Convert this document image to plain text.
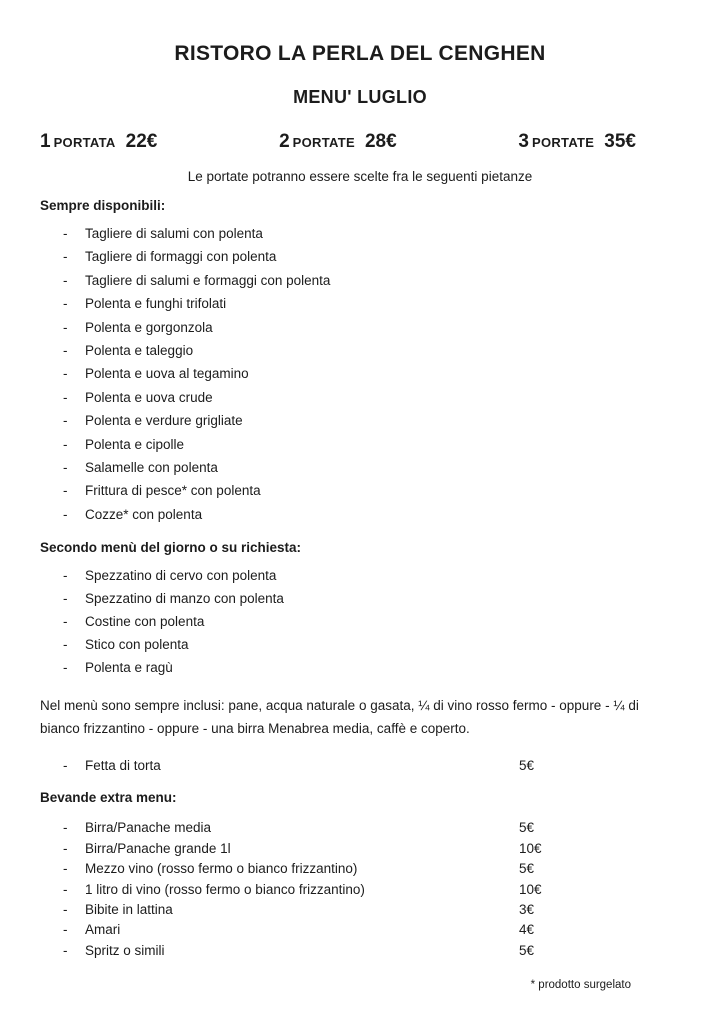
RISTORO LA PERLA DEL CENGHEN
MENU' LUGLIO
1 PORTATA 22€	2 PORTATE 28€	3 PORTATE 35€

Le portate potranno essere scelte fra le seguenti pietanze

Sempre disponibili:

- Tagliere di salumi con polenta
- Tagliere di formaggi con polenta
- Tagliere di salumi e formaggi con polenta
- Polenta e funghi trifolati
- Polenta e gorgonzola
- Polenta e taleggio
- Polenta e uova al tegamino
- Polenta e uova crude
- Polenta e verdure grigliate
- Polenta e cipolle
- Salamelle con polenta
- Frittura di pesce* con polenta
- Cozze* con polenta

Secondo menù del giorno o su richiesta:

- Spezzatino di cervo con polenta
- Spezzatino di manzo con polenta
- Costine con polenta
- Stico con polenta
- Polenta e ragù

Nel menù sono sempre inclusi: pane, acqua naturale o gasata, ¼ di vino rosso fermo - oppure - ¼ di bianco frizzantino - oppure - una birra Menabrea media, caffè e coperto.

- Fetta di torta	5€

Bevande extra menu:

- Birra/Panache media	5€
- Birra/Panache grande 1l	10€
- Mezzo vino (rosso fermo o bianco frizzantino)	5€
- 1 litro di vino (rosso fermo o bianco frizzantino)	10€
- Bibite in lattina	3€
- Amari	4€
- Spritz o simili	5€
* prodotto surgelato
